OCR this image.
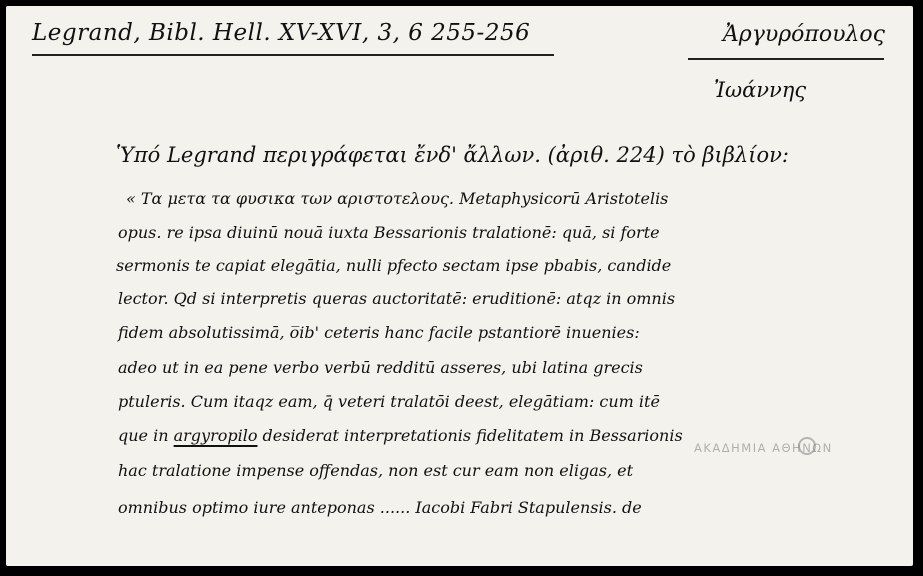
Legrand, Bibl. Hell. XV-XVI, 3, 6 255-256	Ἀργυρόπουλος
Ἰωάννης
Ὑπό Legrand περιγράφεται ἔνδ' ἄλλων. (ἀριθ. 224) τὸ βιβλίον:
« Τα μετα τα φυσικα των αριστοτελους. Metaphysicorū Aristotelis
opus. re ipsa diuinū nouā iuxta Bessarionis tralationē: quā, si forte
sermonis te capiat elegātia, nulli pfecto sectam ipse pbabis, candide
lector. Qd si interpretis queras auctoritatē: eruditionē: atqz in omnis
fidem absolutissimā, o̅ib' ceteris hanc facile pstantiorē inuenies:
adeo ut in ea pene verbo verbū redditū asseres, ubi latina grecis
ptuleris. Cum itaqz eam, q̄ veteri tralatōi deest, elegātiam: cum itē
que in argyropilo desiderat interpretationis fidelitatem in Bessarionis
hac tralatione impense offendas, non est cur eam non eligas, et
omnibus optimo iure anteponas ...... Iacobi Fabri Stapulensis. de
ΑΚΑΔΗΜΙΑ ΑΘΗΝΩΝ
